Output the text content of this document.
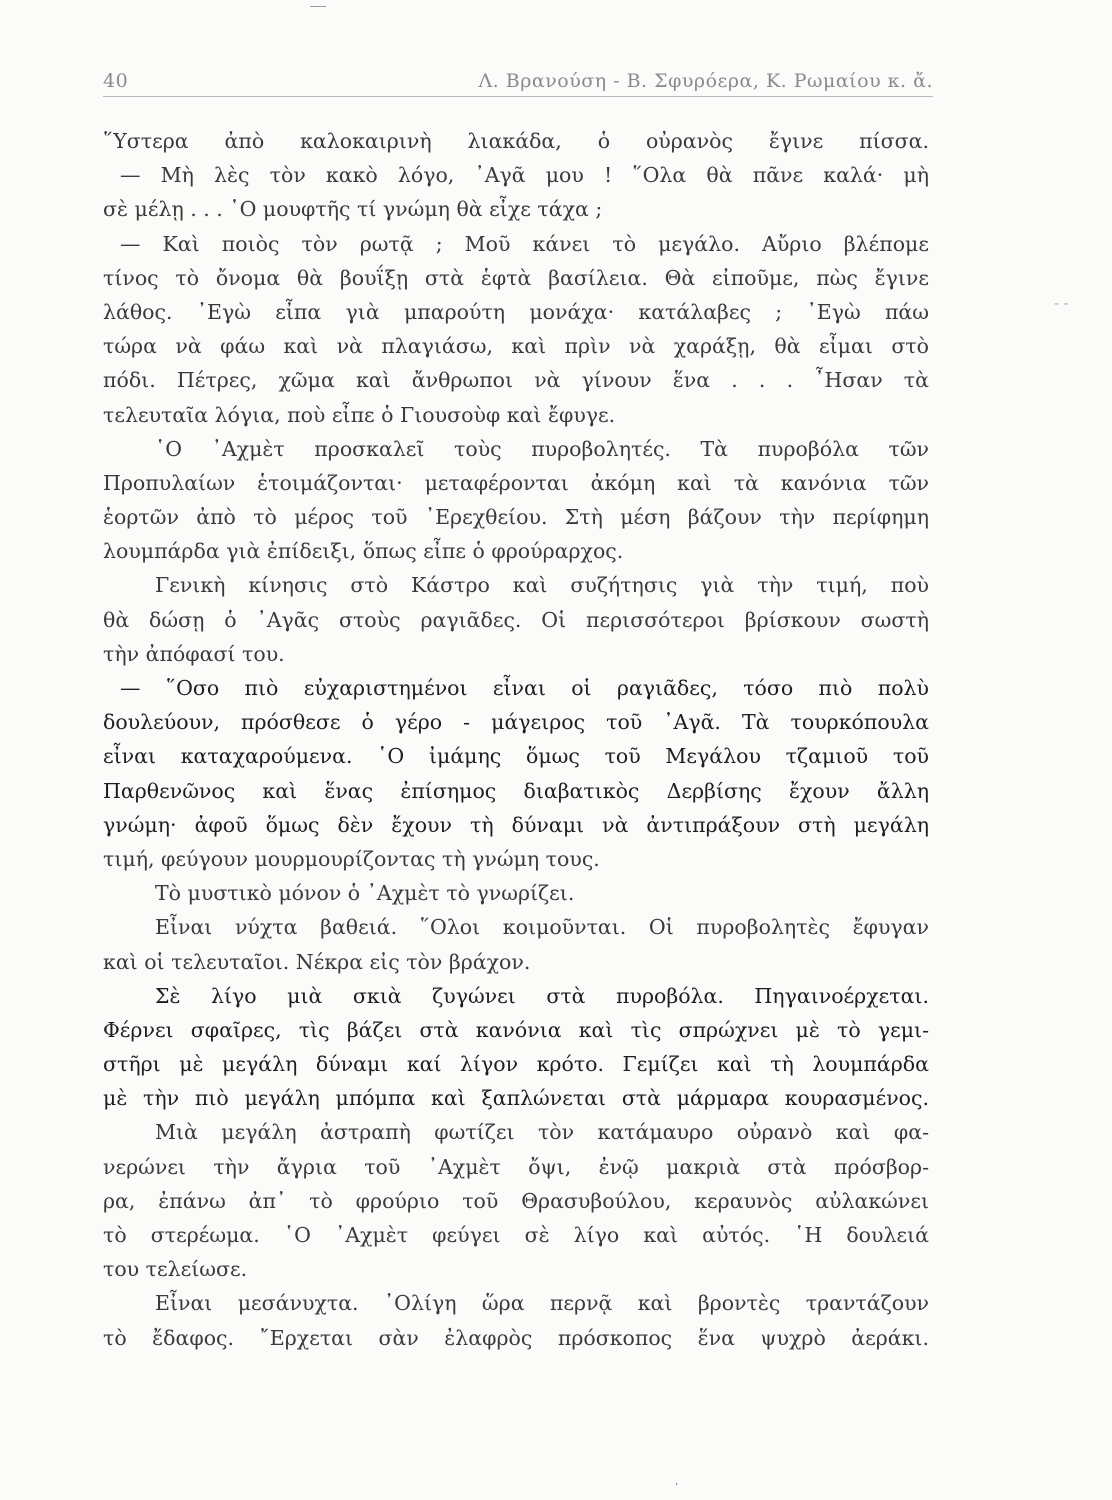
40	Λ. Βρανούση - Β. Σφυρόερα, Κ. Ρωμαίου κ. ἄ.
- -
῞Υστερα ἀπὸ καλοκαιρινὴ λιακάδα, ὁ οὐρανὸς ἔγινε πίσσα.
— Μὴ λὲς τὸν κακὸ λόγο, ᾿Αγᾶ μου ! ῞Ολα θὰ πᾶνε καλά· μὴ
σὲ μέλῃ . . . ῾Ο μουφτῆς τί γνώμη θὰ εἶχε τάχα ;
— Καὶ ποιὸς τὸν ρωτᾷ ; Μοῦ κάνει τὸ μεγάλο. Αὔριο βλέπομε
τίνος τὸ ὄνομα θὰ βουΐξῃ στὰ ἑφτὰ βασίλεια. Θὰ εἰποῦμε, πὼς ἔγινε
λάθος. ᾿Εγὼ εἶπα γιὰ μπαρούτη μονάχα· κατάλαβες ; ᾿Εγὼ πάω
τώρα νὰ φάω καὶ νὰ πλαγιάσω, καὶ πρὶν νὰ χαράξῃ, θὰ εἶμαι στὸ
πόδι. Πέτρες, χῶμα καὶ ἄνθρωποι νὰ γίνουν ἕνα . . . ῏Ησαν τὰ
τελευταῖα λόγια, ποὺ εἶπε ὁ Γιουσοὺφ καὶ ἔφυγε.
῾Ο ᾿Αχμὲτ προσκαλεῖ τοὺς πυροβολητές. Τὰ πυροβόλα τῶν
Προπυλαίων ἑτοιμάζονται· μεταφέρονται ἀκόμη καὶ τὰ κανόνια τῶν
ἑορτῶν ἀπὸ τὸ μέρος τοῦ ᾿Ερεχθείου. Στὴ μέση βάζουν τὴν περίφημη
λουμπάρδα γιὰ ἐπίδειξι, ὅπως εἶπε ὁ φρούραρχος.
Γενικὴ κίνησις στὸ Κάστρο καὶ συζήτησις γιὰ τὴν τιμή, ποὺ
θὰ δώσῃ ὁ ᾿Αγᾶς στοὺς ραγιᾶδες. Οἱ περισσότεροι βρίσκουν σωστὴ
τὴν ἀπόφασί του.
— ῞Οσο πιὸ εὐχαριστημένοι εἶναι οἱ ραγιᾶδες, τόσο πιὸ πολὺ
δουλεύουν, πρόσθεσε ὁ γέρο - μάγειρος τοῦ ᾿Αγᾶ. Τὰ τουρκόπουλα
εἶναι καταχαρούμενα. ῾Ο ἰμάμης ὅμως τοῦ Μεγάλου τζαμιοῦ τοῦ
Παρθενῶνος καὶ ἕνας ἐπίσημος διαβατικὸς Δερβίσης ἔχουν ἄλλη
γνώμη· ἀφοῦ ὅμως δὲν ἔχουν τὴ δύναμι νὰ ἀντιπράξουν στὴ μεγάλη
τιμή, φεύγουν μουρμουρίζοντας τὴ γνώμη τους.
Τὸ μυστικὸ μόνον ὁ ᾿Αχμὲτ τὸ γνωρίζει.
Εἶναι νύχτα βαθειά. ῞Ολοι κοιμοῦνται. Οἱ πυροβολητὲς ἔφυγαν
καὶ οἱ τελευταῖοι. Νέκρα εἰς τὸν βράχον.
Σὲ λίγο μιὰ σκιὰ ζυγώνει στὰ πυροβόλα. Πηγαινοέρχεται.
Φέρνει σφαῖρες, τὶς βάζει στὰ κανόνια καὶ τὶς σπρώχνει μὲ τὸ γεμι-
στῆρι μὲ μεγάλη δύναμι καί λίγον κρότο. Γεμίζει καὶ τὴ λουμπάρδα
μὲ τὴν πιὸ μεγάλη μπόμπα καὶ ξαπλώνεται στὰ μάρμαρα κουρασμένος.
Μιὰ μεγάλη ἀστραπὴ φωτίζει τὸν κατάμαυρο οὐρανὸ καὶ φα-
νερώνει τὴν ἄγρια τοῦ ᾿Αχμὲτ ὄψι, ἐνῷ μακριὰ στὰ πρόσβορ-
ρα, ἐπάνω ἀπ᾿ τὸ φρούριο τοῦ Θρασυβούλου, κεραυνὸς αὐλακώνει
τὸ στερέωμα. ῾Ο ᾿Αχμὲτ φεύγει σὲ λίγο καὶ αὐτός. ῾Η δουλειά
του τελείωσε.
Εἶναι μεσάνυχτα. ᾿Ολίγη ὥρα περνᾷ καὶ βροντὲς τραντάζουν
τὸ ἔδαφος. ῎Ερχεται σὰν ἐλαφρὸς πρόσκοπος ἕνα ψυχρὸ ἀεράκι.
